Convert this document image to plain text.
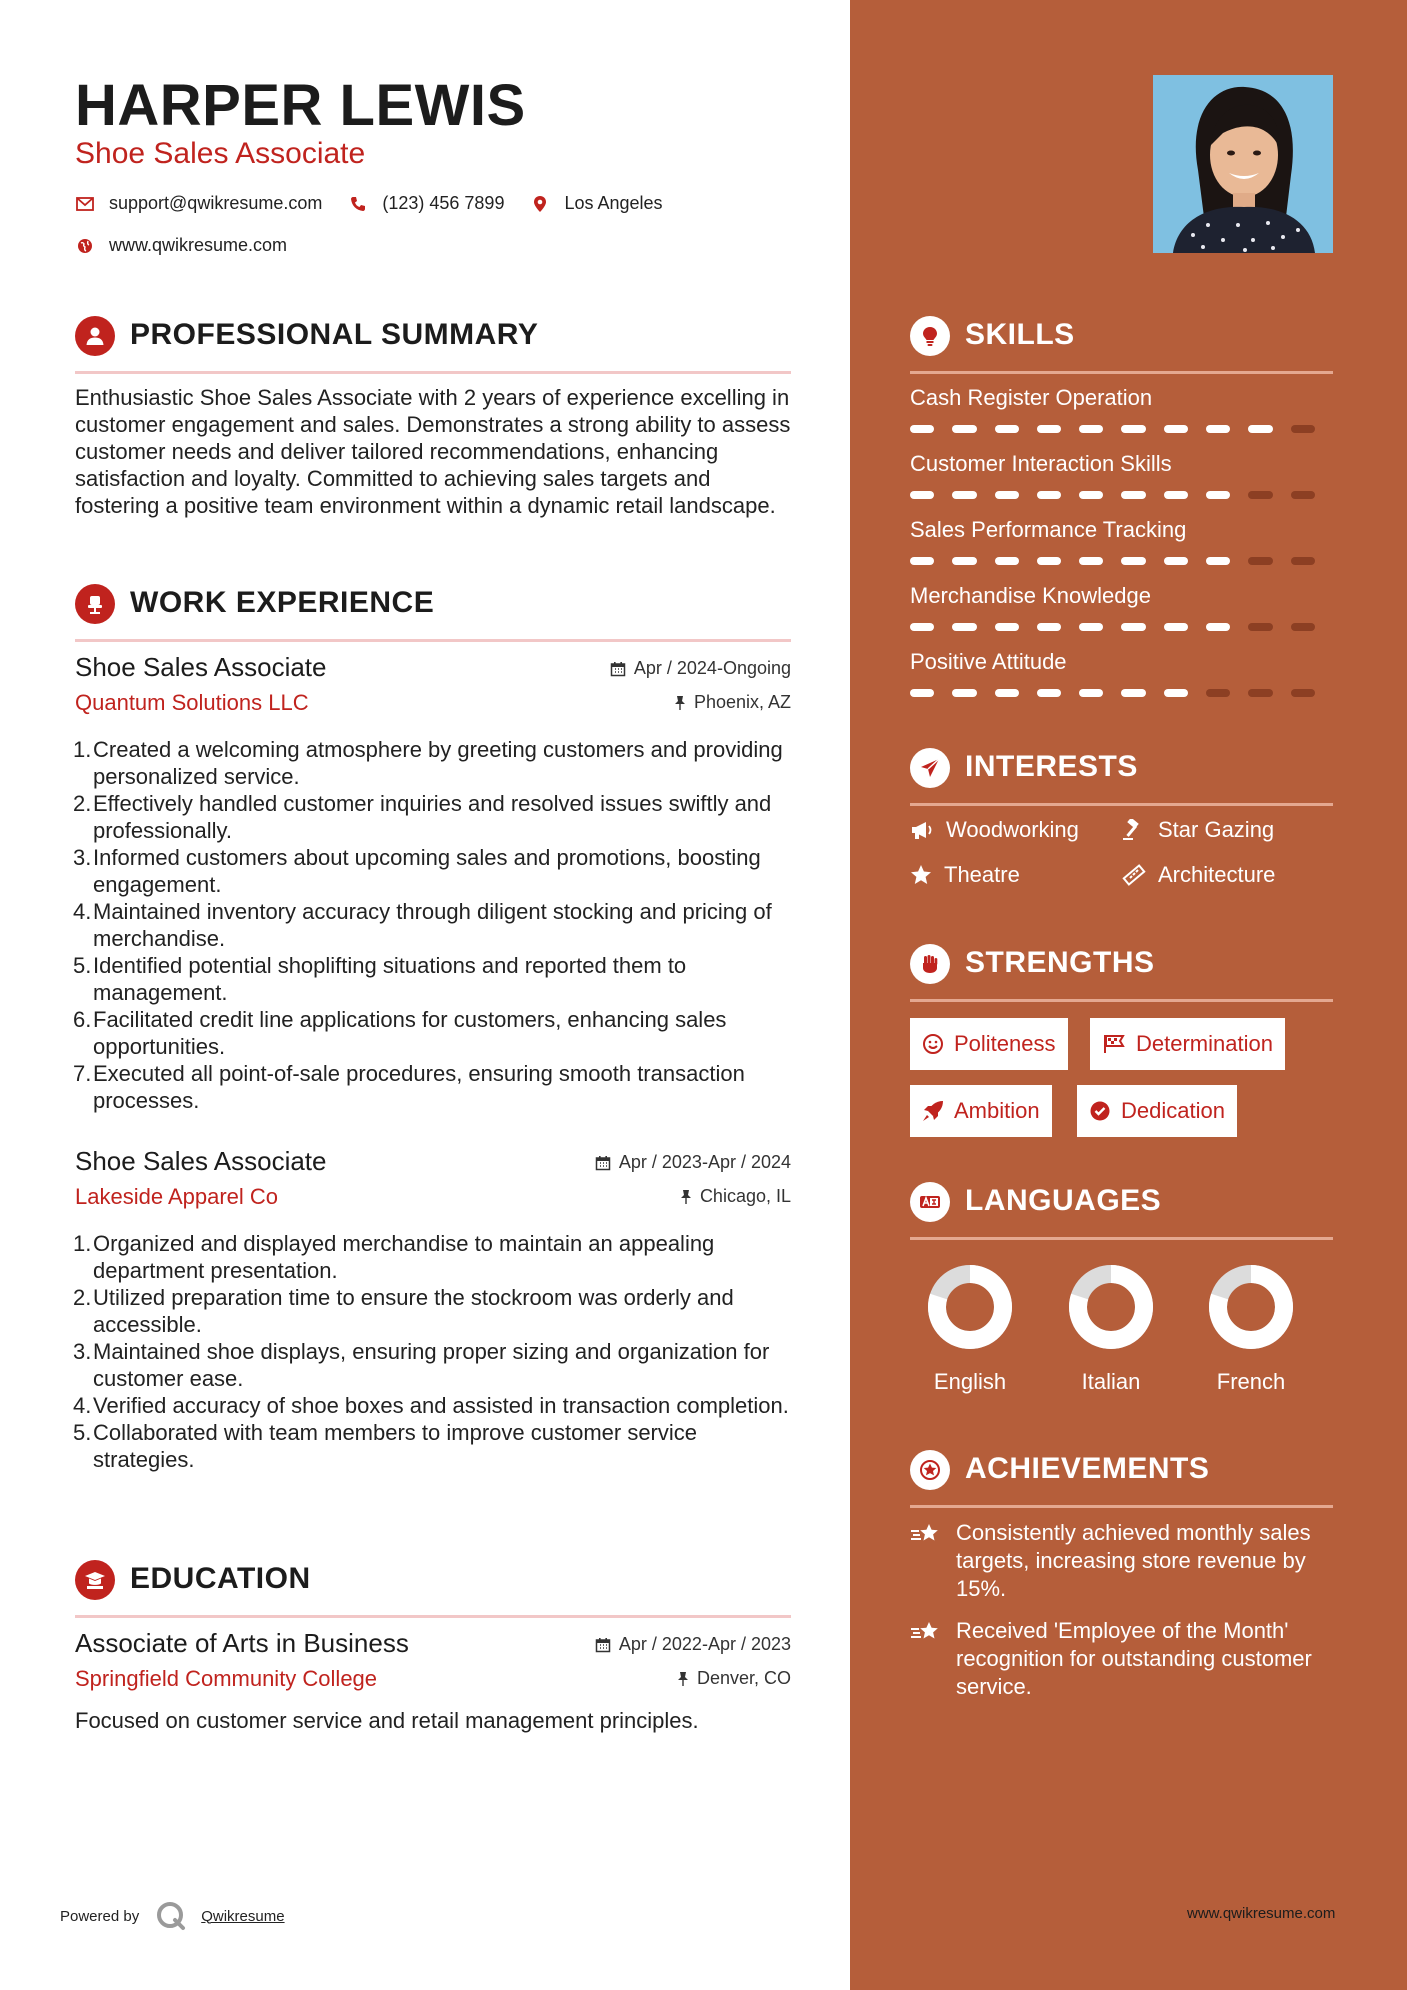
HARPER LEWIS
Shoe Sales Associate
support@qwikresume.com	(123) 456 7899	Los Angeles
www.qwikresume.com
PROFESSIONAL SUMMARY
Enthusiastic Shoe Sales Associate with 2 years of experience excelling in customer engagement and sales. Demonstrates a strong ability to assess customer needs and deliver tailored recommendations, enhancing satisfaction and loyalty. Committed to achieving sales targets and fostering a positive team environment within a dynamic retail landscape.
WORK EXPERIENCE
Shoe Sales Associate
Quantum Solutions LLC
Apr / 2024-Ongoing
Phoenix, AZ
1. Created a welcoming atmosphere by greeting customers and providing personalized service.
2. Effectively handled customer inquiries and resolved issues swiftly and professionally.
3. Informed customers about upcoming sales and promotions, boosting engagement.
4. Maintained inventory accuracy through diligent stocking and pricing of merchandise.
5. Identified potential shoplifting situations and reported them to management.
6. Facilitated credit line applications for customers, enhancing sales opportunities.
7. Executed all point-of-sale procedures, ensuring smooth transaction processes.
Shoe Sales Associate
Lakeside Apparel Co
Apr / 2023-Apr / 2024
Chicago, IL
1. Organized and displayed merchandise to maintain an appealing department presentation.
2. Utilized preparation time to ensure the stockroom was orderly and accessible.
3. Maintained shoe displays, ensuring proper sizing and organization for customer ease.
4. Verified accuracy of shoe boxes and assisted in transaction completion.
5. Collaborated with team members to improve customer service strategies.
EDUCATION
Associate of Arts in Business
Springfield Community College
Apr / 2022-Apr / 2023
Denver, CO
Focused on customer service and retail management principles.
Powered by	Qwikresume
SKILLS
Cash Register Operation
Customer Interaction Skills
Sales Performance Tracking
Merchandise Knowledge
Positive Attitude
INTERESTS
Woodworking	Star Gazing
Theatre	Architecture
STRENGTHS
Politeness	Determination
Ambition	Dedication
LANGUAGES
English	Italian	French
ACHIEVEMENTS
Consistently achieved monthly sales targets, increasing store revenue by 15%.
Received 'Employee of the Month' recognition for outstanding customer service.
www.qwikresume.com
